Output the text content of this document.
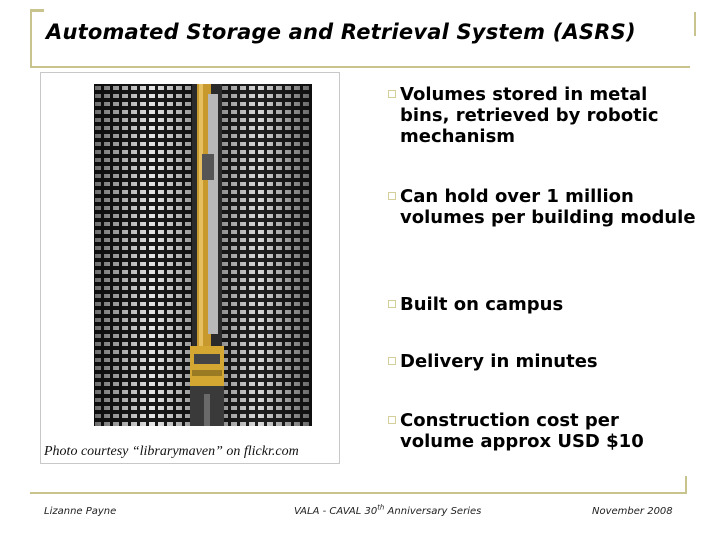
Automated Storage and Retrieval System (ASRS)
Photo courtesy “librarymaven” on flickr.com
Volumes stored in metal bins, retrieved by robotic mechanism
Can hold over 1 million volumes per building module
Built on campus
Delivery in minutes
Construction cost per volume approx USD $10
Lizanne Payne	VALA - CAVAL 30th Anniversary Series	November 2008
